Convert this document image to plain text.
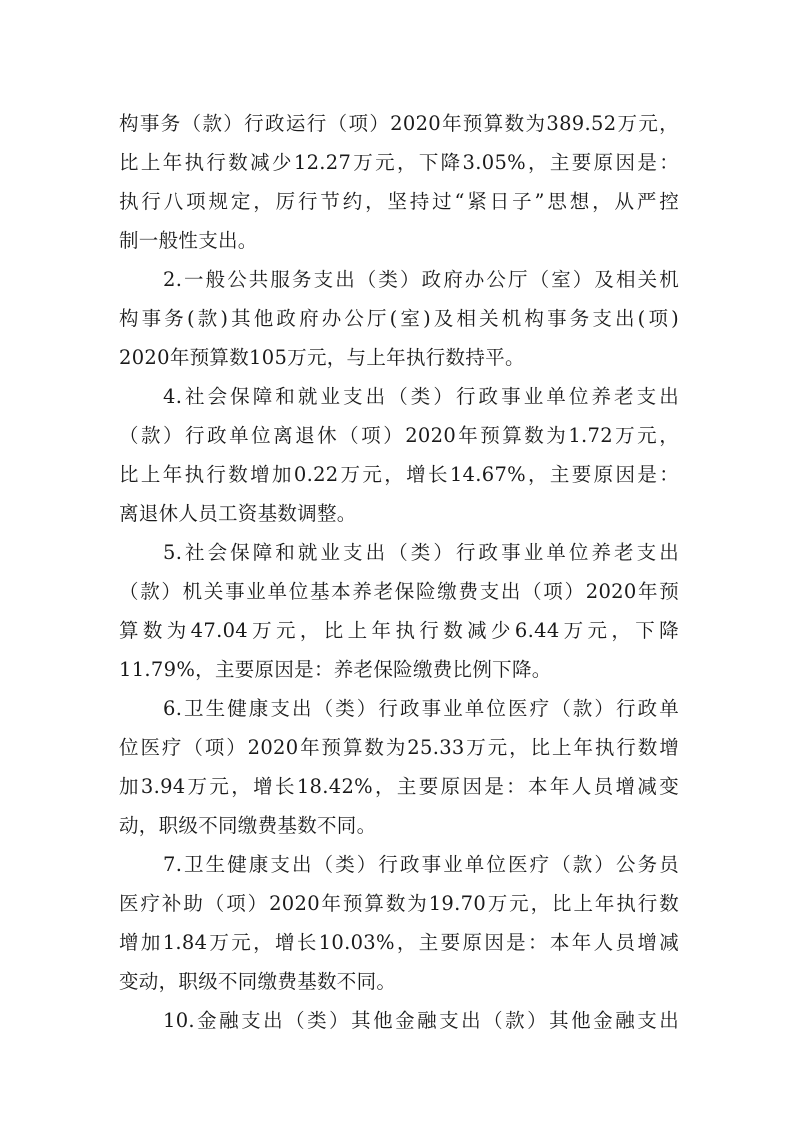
构事务（款）行政运行（项）2020年预算数为389.52万元，
比上年执行数减少12.27万元，下降3.05%，主要原因是：
执行八项规定，厉行节约，坚持过“紧日子”思想，从严控
制一般性支出。
2.一般公共服务支出（类）政府办公厅（室）及相关机
构事务(款)其他政府办公厅(室)及相关机构事务支出(项)
2020年预算数105万元，与上年执行数持平。
4.社会保障和就业支出（类）行政事业单位养老支出
（款）行政单位离退休（项）2020年预算数为1.72万元，
比上年执行数增加0.22万元，增长14.67%，主要原因是：
离退休人员工资基数调整。
5.社会保障和就业支出（类）行政事业单位养老支出
（款）机关事业单位基本养老保险缴费支出（项）2020年预
算数为47.04万元，比上年执行数减少6.44万元，下降
11.79%，主要原因是：养老保险缴费比例下降。
6.卫生健康支出（类）行政事业单位医疗（款）行政单
位医疗（项）2020年预算数为25.33万元，比上年执行数增
加3.94万元，增长18.42%，主要原因是：本年人员增减变
动，职级不同缴费基数不同。
7.卫生健康支出（类）行政事业单位医疗（款）公务员
医疗补助（项）2020年预算数为19.70万元，比上年执行数
增加1.84万元，增长10.03%，主要原因是：本年人员增减
变动，职级不同缴费基数不同。
10.金融支出（类）其他金融支出（款）其他金融支出
